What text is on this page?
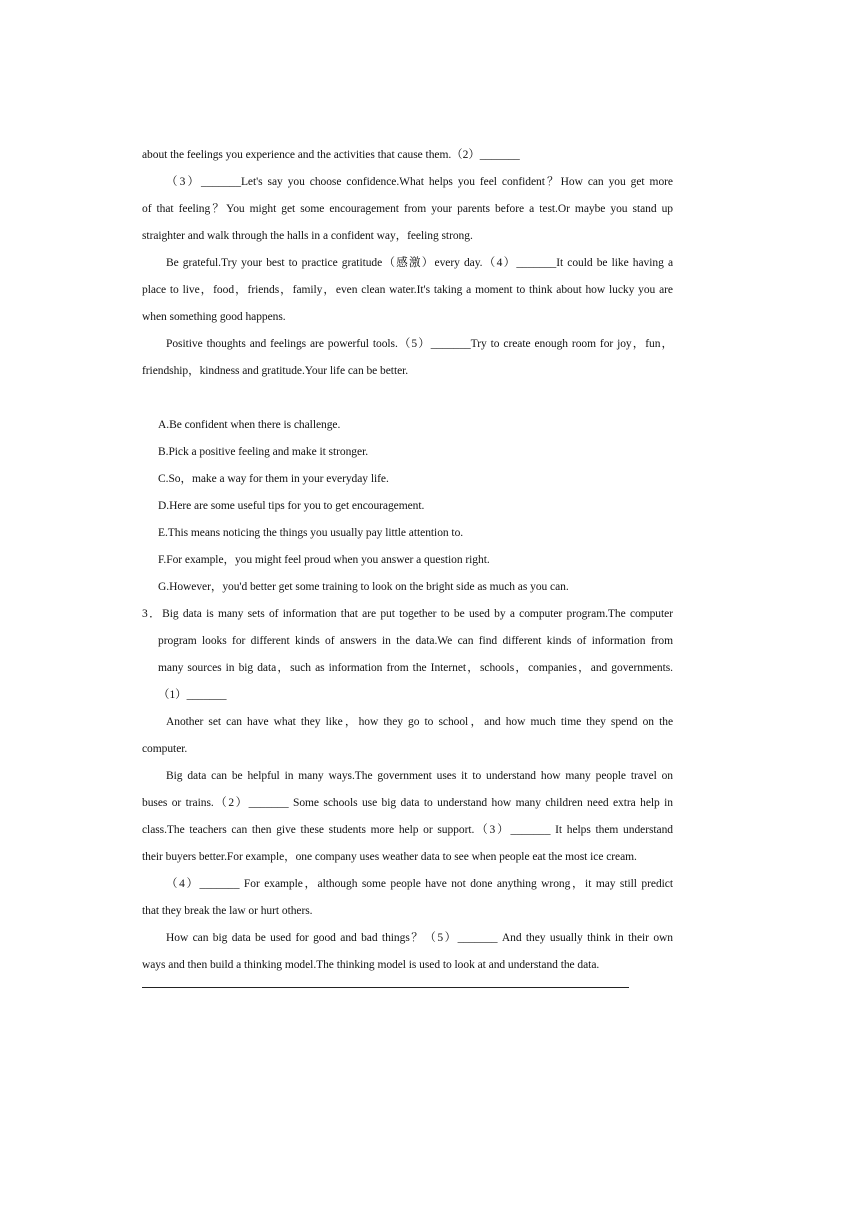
about the feelings you experience and the activities that cause them.（2）_______
（3）_______Let's say you choose confidence.What helps you feel confident？How can you get more
of that feeling？You might get some encouragement from your parents before a test.Or maybe you stand up
straighter and walk through the halls in a confident way，feeling strong.
Be grateful.Try your best to practice gratitude（感激）every day.（4）_______It could be like having a
place to live，food，friends，family，even clean water.It's taking a moment to think about how lucky you are
when something good happens.
Positive thoughts and feelings are powerful tools.（5）_______Try to create enough room for joy，fun，
friendship，kindness and gratitude.Your life can be better.
A.Be confident when there is challenge.
B.Pick a positive feeling and make it stronger.
C.So，make a way for them in your everyday life.
D.Here are some useful tips for you to get encouragement.
E.This means noticing the things you usually pay little attention to.
F.For example，you might feel proud when you answer a question right.
G.However，you'd better get some training to look on the bright side as much as you can.
3．Big data is many sets of information that are put together to be used by a computer program.The computer
program looks for different kinds of answers in the data.We can find different kinds of information from
many sources in big data，such as information from the Internet，schools，companies，and governments.
（1）_______
Another set can have what they like，how they go to school，and how much time they spend on the
computer.
Big data can be helpful in many ways.The government uses it to understand how many people travel on
buses or trains.（2）_______ Some schools use big data to understand how many children need extra help in
class.The teachers can then give these students more help or support.（3）_______ It helps them understand
their buyers better.For example，one company uses weather data to see when people eat the most ice cream.
（4）_______ For example，although some people have not done anything wrong，it may still predict
that they break the law or hurt others.
How can big data be used for good and bad things？（5）_______ And they usually think in their own
ways and then build a thinking model.The thinking model is used to look at and understand the data.
